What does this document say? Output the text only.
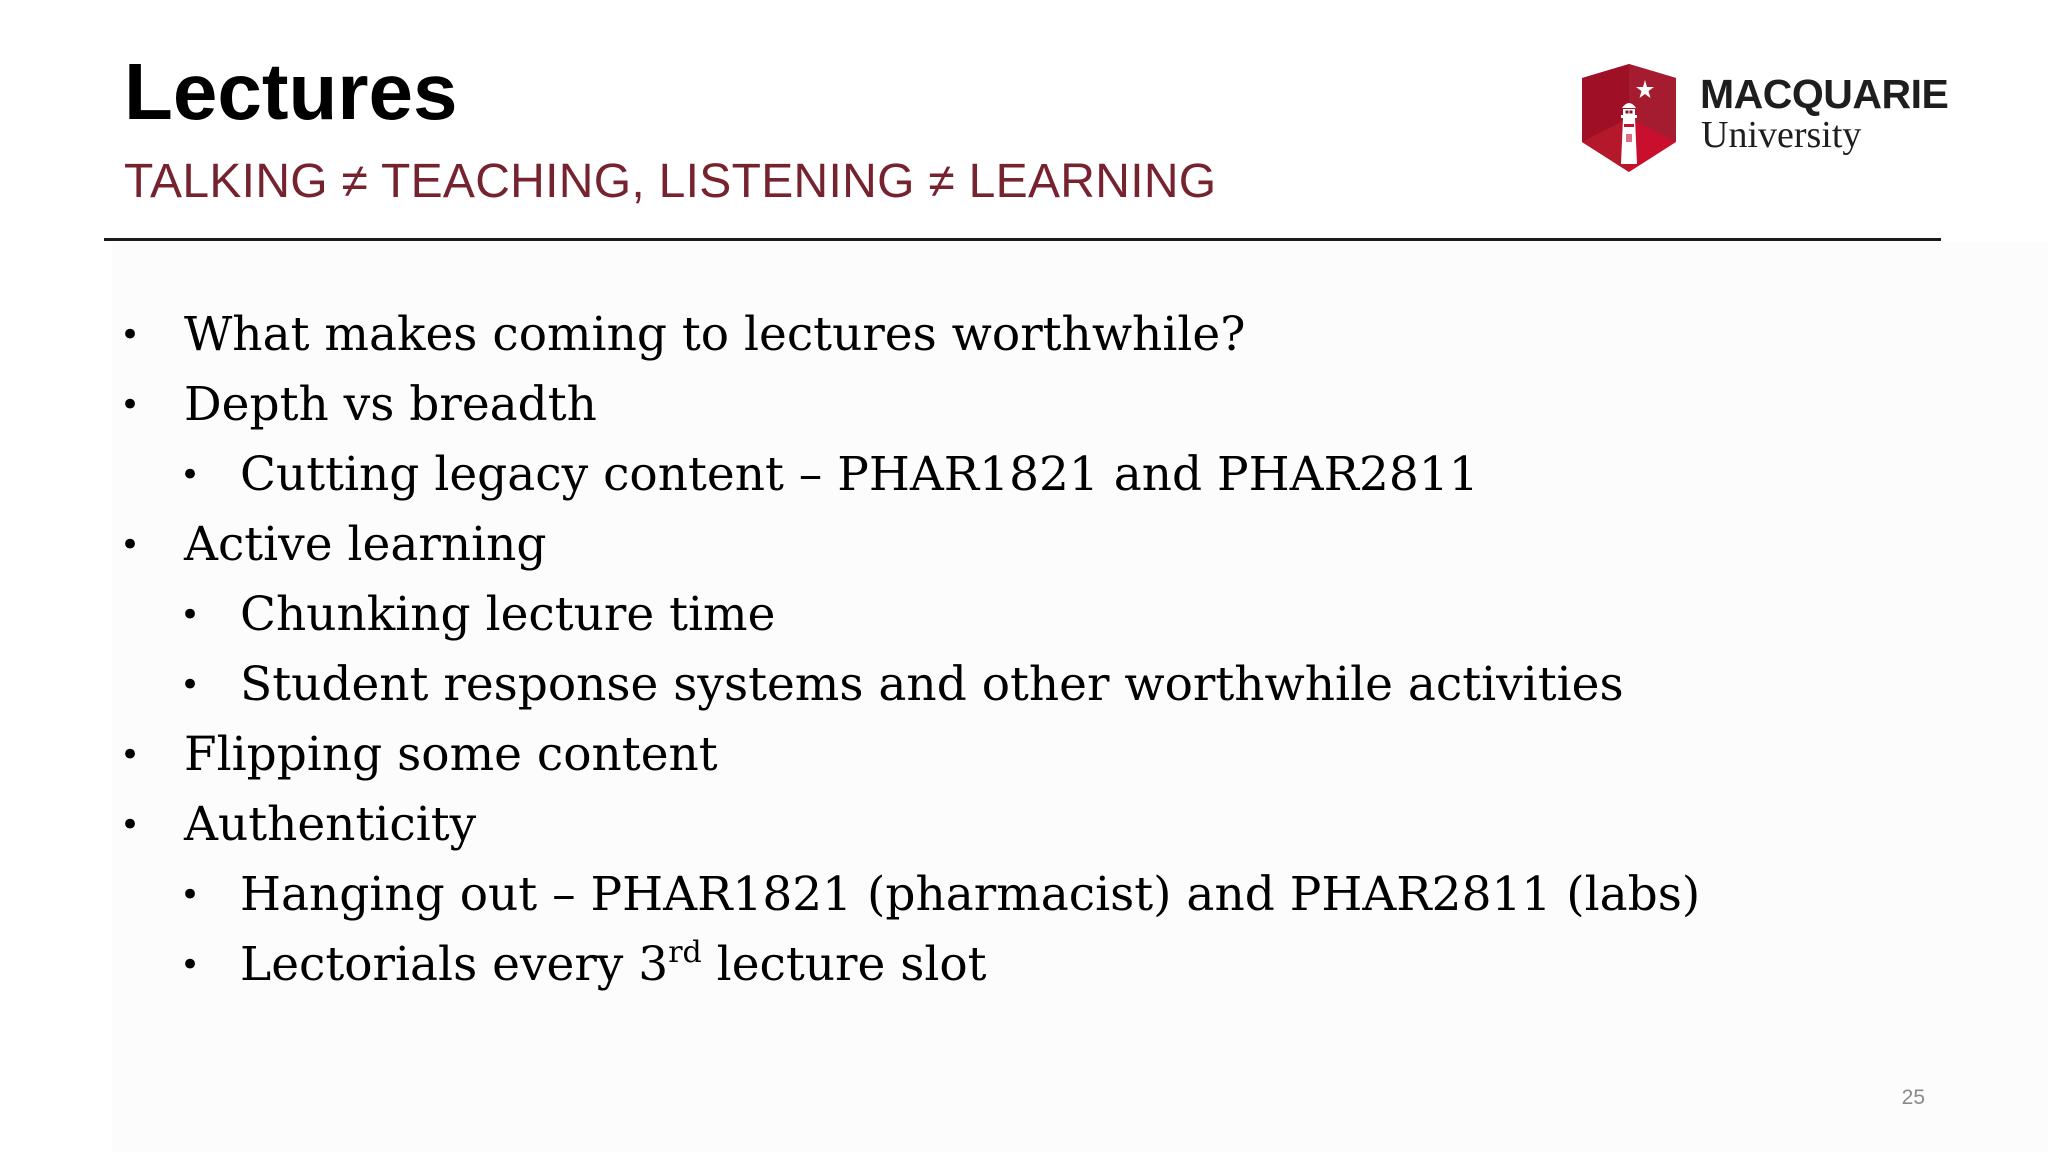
Lectures
TALKING ≠ TEACHING, LISTENING ≠ LEARNING
MACQUARIE
University
• What makes coming to lectures worthwhile?
• Depth vs breadth
• Cutting legacy content – PHAR1821 and PHAR2811
• Active learning
• Chunking lecture time
• Student response systems and other worthwhile activities
• Flipping some content
• Authenticity
• Hanging out – PHAR1821 (pharmacist) and PHAR2811 (labs)
• Lectorials every 3rd lecture slot
25
